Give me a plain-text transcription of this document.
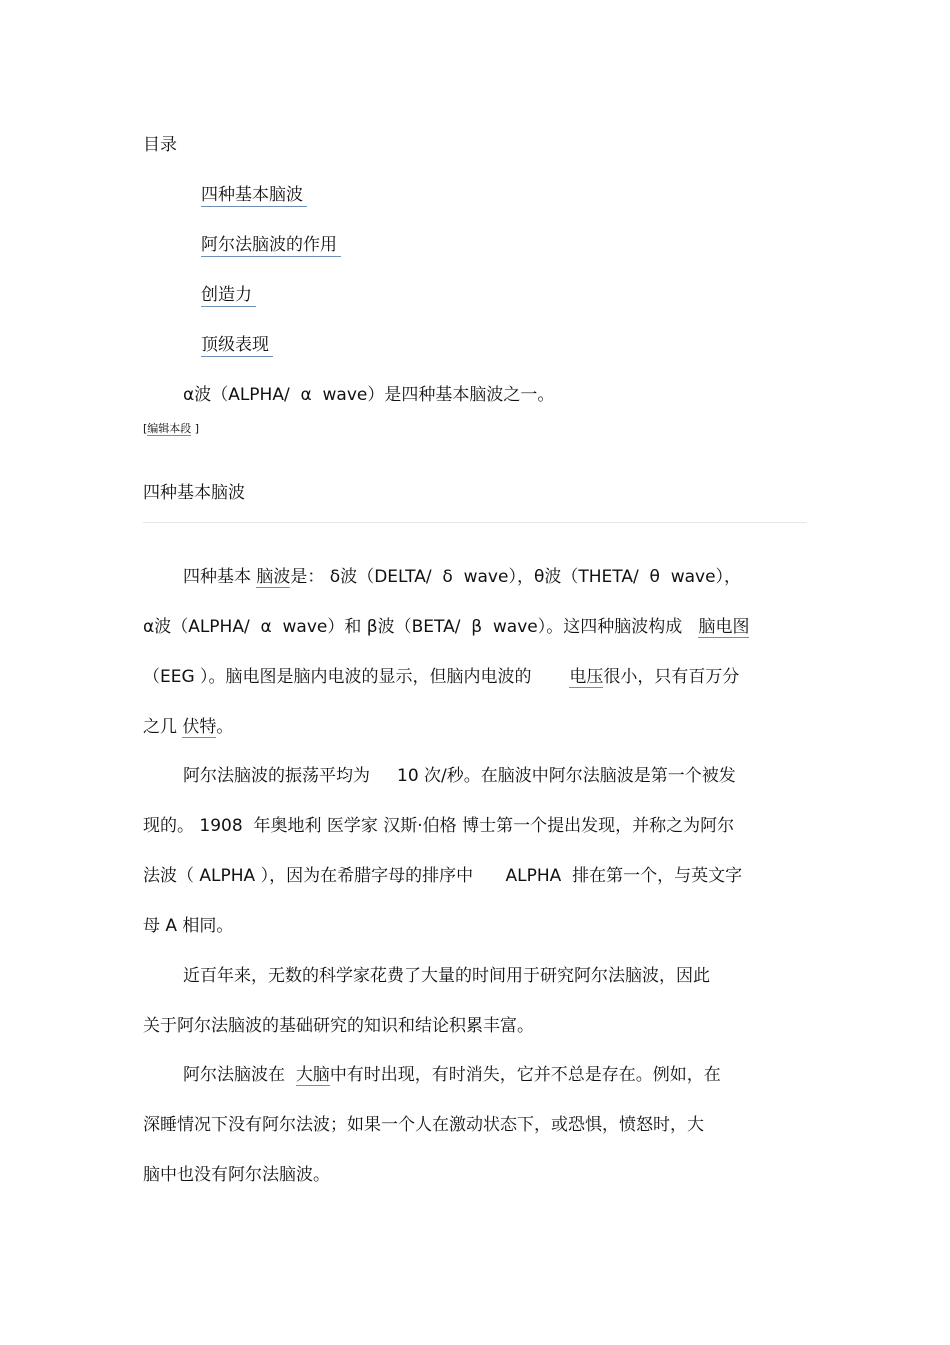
目录
四种基本脑波
阿尔法脑波的作用
创造力
顶级表现
α波（ALPHA/  α  wave）是四种基本脑波之一。
[编辑本段 ]
四种基本脑波
四种基本 脑波是： δ波（DELTA/  δ  wave），θ波（THETA/  θ  wave），
α波（ALPHA/  α  wave）和 β波（BETA/  β  wave）。这四种脑波构成   脑电图
（EEG ）。脑电图是脑内电波的显示，但脑内电波的       电压很小，只有百万分
之几 伏特。
阿尔法脑波的振荡平均为     10 次/秒。在脑波中阿尔法脑波是第一个被发
现的。 1908  年奥地利 医学家 汉斯·伯格 博士第一个提出发现，并称之为阿尔
法波（ ALPHA ），因为在希腊字母的排序中      ALPHA  排在第一个，与英文字
母 A 相同。
近百年来，无数的科学家花费了大量的时间用于研究阿尔法脑波，因此
关于阿尔法脑波的基础研究的知识和结论积累丰富。
阿尔法脑波在  大脑中有时出现，有时消失，它并不总是存在。例如，在
深睡情况下没有阿尔法波；如果一个人在激动状态下，或恐惧，愤怒时，大
脑中也没有阿尔法脑波。
